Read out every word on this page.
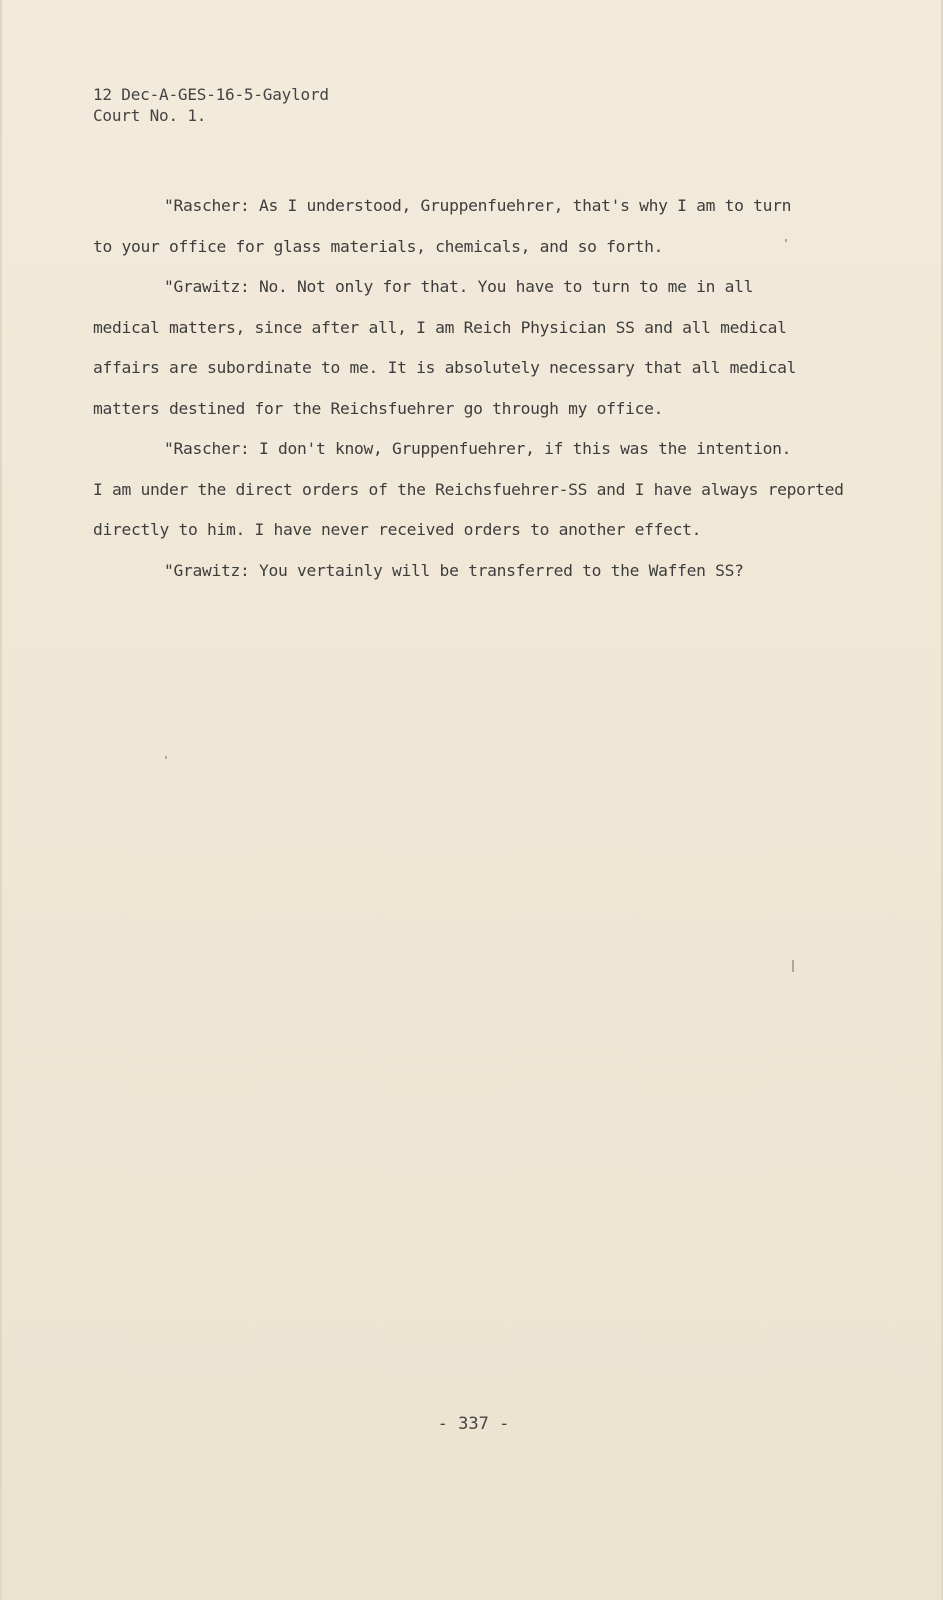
12 Dec-A-GES-16-5-Gaylord
Court No. 1.
"Rascher: As I understood, Gruppenfuehrer, that's why I am to turn
to your office for glass materials, chemicals, and so forth.
"Grawitz: No. Not only for that. You have to turn to me in all
medical matters, since after all, I am Reich Physician SS and all medical
affairs are subordinate to me. It is absolutely necessary that all medical
matters destined for the Reichsfuehrer go through my office.
"Rascher: I don't know, Gruppenfuehrer, if this was the intention.
I am under the direct orders of the Reichsfuehrer-SS and I have always reported
directly to him. I have never received orders to another effect.
"Grawitz: You vertainly will be transferred to the Waffen SS?
- 337 -
